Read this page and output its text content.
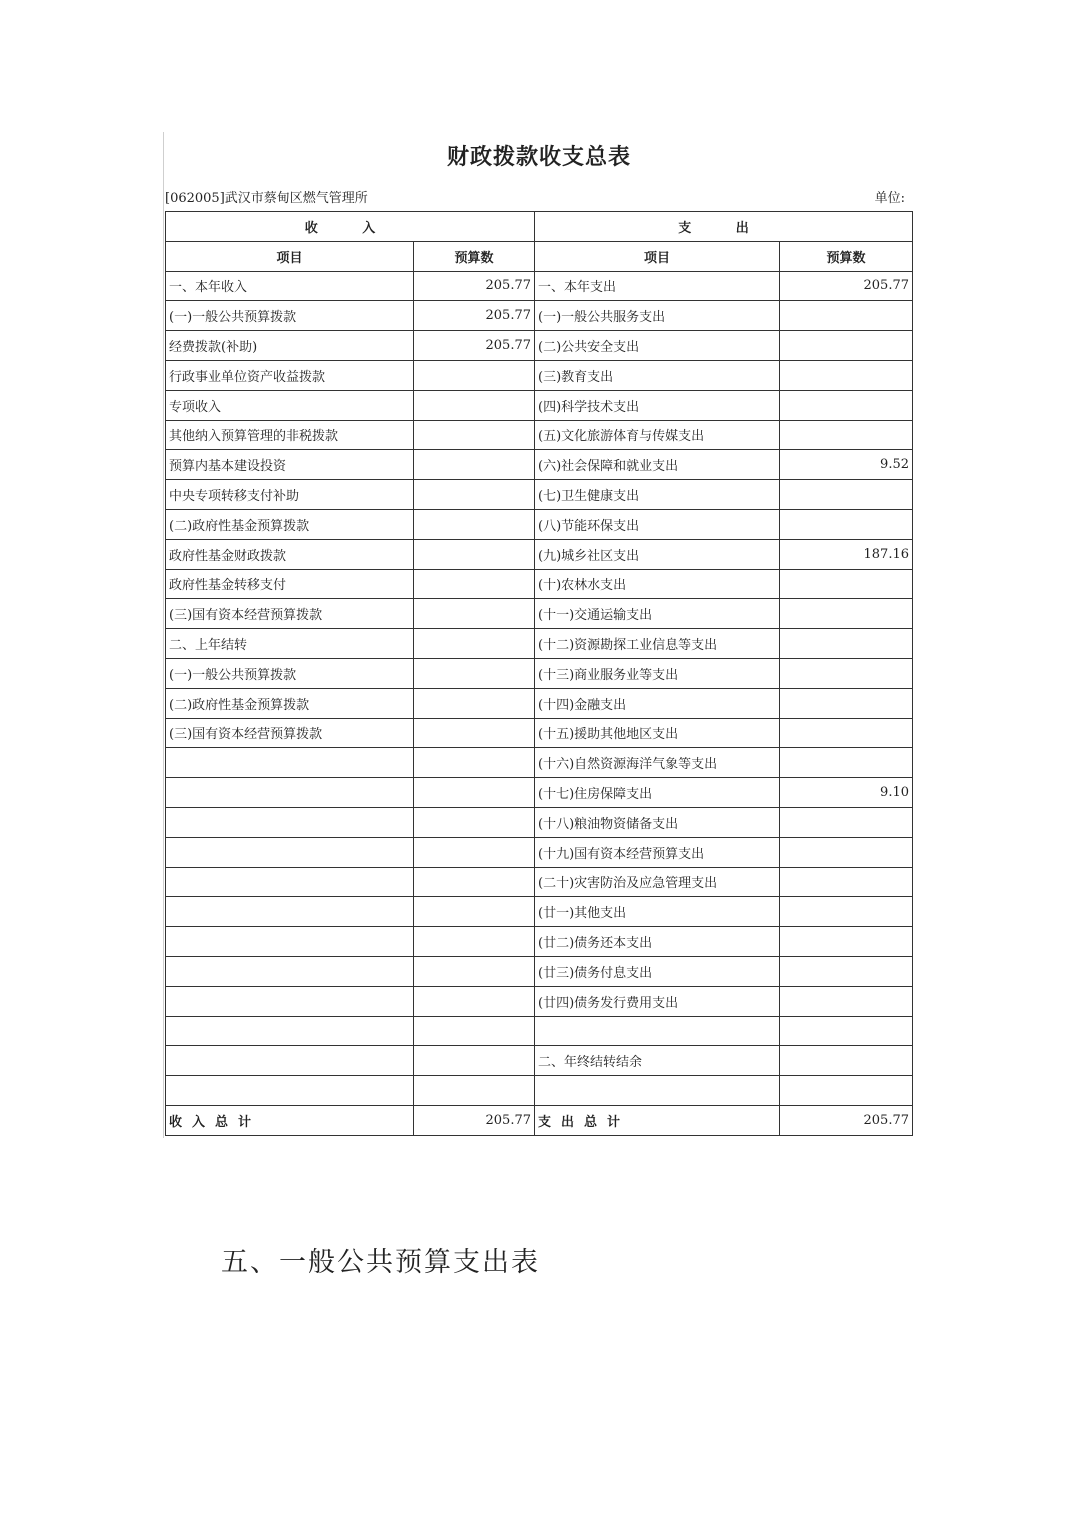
财政拨款收支总表
[062005]武汉市蔡甸区燃气管理所	单位:
收 入		支 出	
项目	预算数	项目	预算数
一、本年收入	205.77	一、本年支出	205.77
(一)一般公共预算拨款	205.77	(一)一般公共服务支出	
经费拨款(补助)	205.77	(二)公共安全支出	
行政事业单位资产收益拨款		(三)教育支出	
专项收入		(四)科学技术支出	
其他纳入预算管理的非税拨款		(五)文化旅游体育与传媒支出	
预算内基本建设投资		(六)社会保障和就业支出	9.52
中央专项转移支付补助		(七)卫生健康支出	
(二)政府性基金预算拨款		(八)节能环保支出	
政府性基金财政拨款		(九)城乡社区支出	187.16
政府性基金转移支付		(十)农林水支出	
(三)国有资本经营预算拨款		(十一)交通运输支出	
二、上年结转		(十二)资源勘探工业信息等支出	
(一)一般公共预算拨款		(十三)商业服务业等支出	
(二)政府性基金预算拨款		(十四)金融支出	
(三)国有资本经营预算拨款		(十五)援助其他地区支出	
		(十六)自然资源海洋气象等支出	
		(十七)住房保障支出	9.10
		(十八)粮油物资储备支出	
		(十九)国有资本经营预算支出	
		(二十)灾害防治及应急管理支出	
		(廿一)其他支出	
		(廿二)债务还本支出	
		(廿三)债务付息支出	
		(廿四)债务发行费用支出	

		二、年终结转结余	

收入总计	205.77	支出总计	205.77
五、一般公共预算支出表
